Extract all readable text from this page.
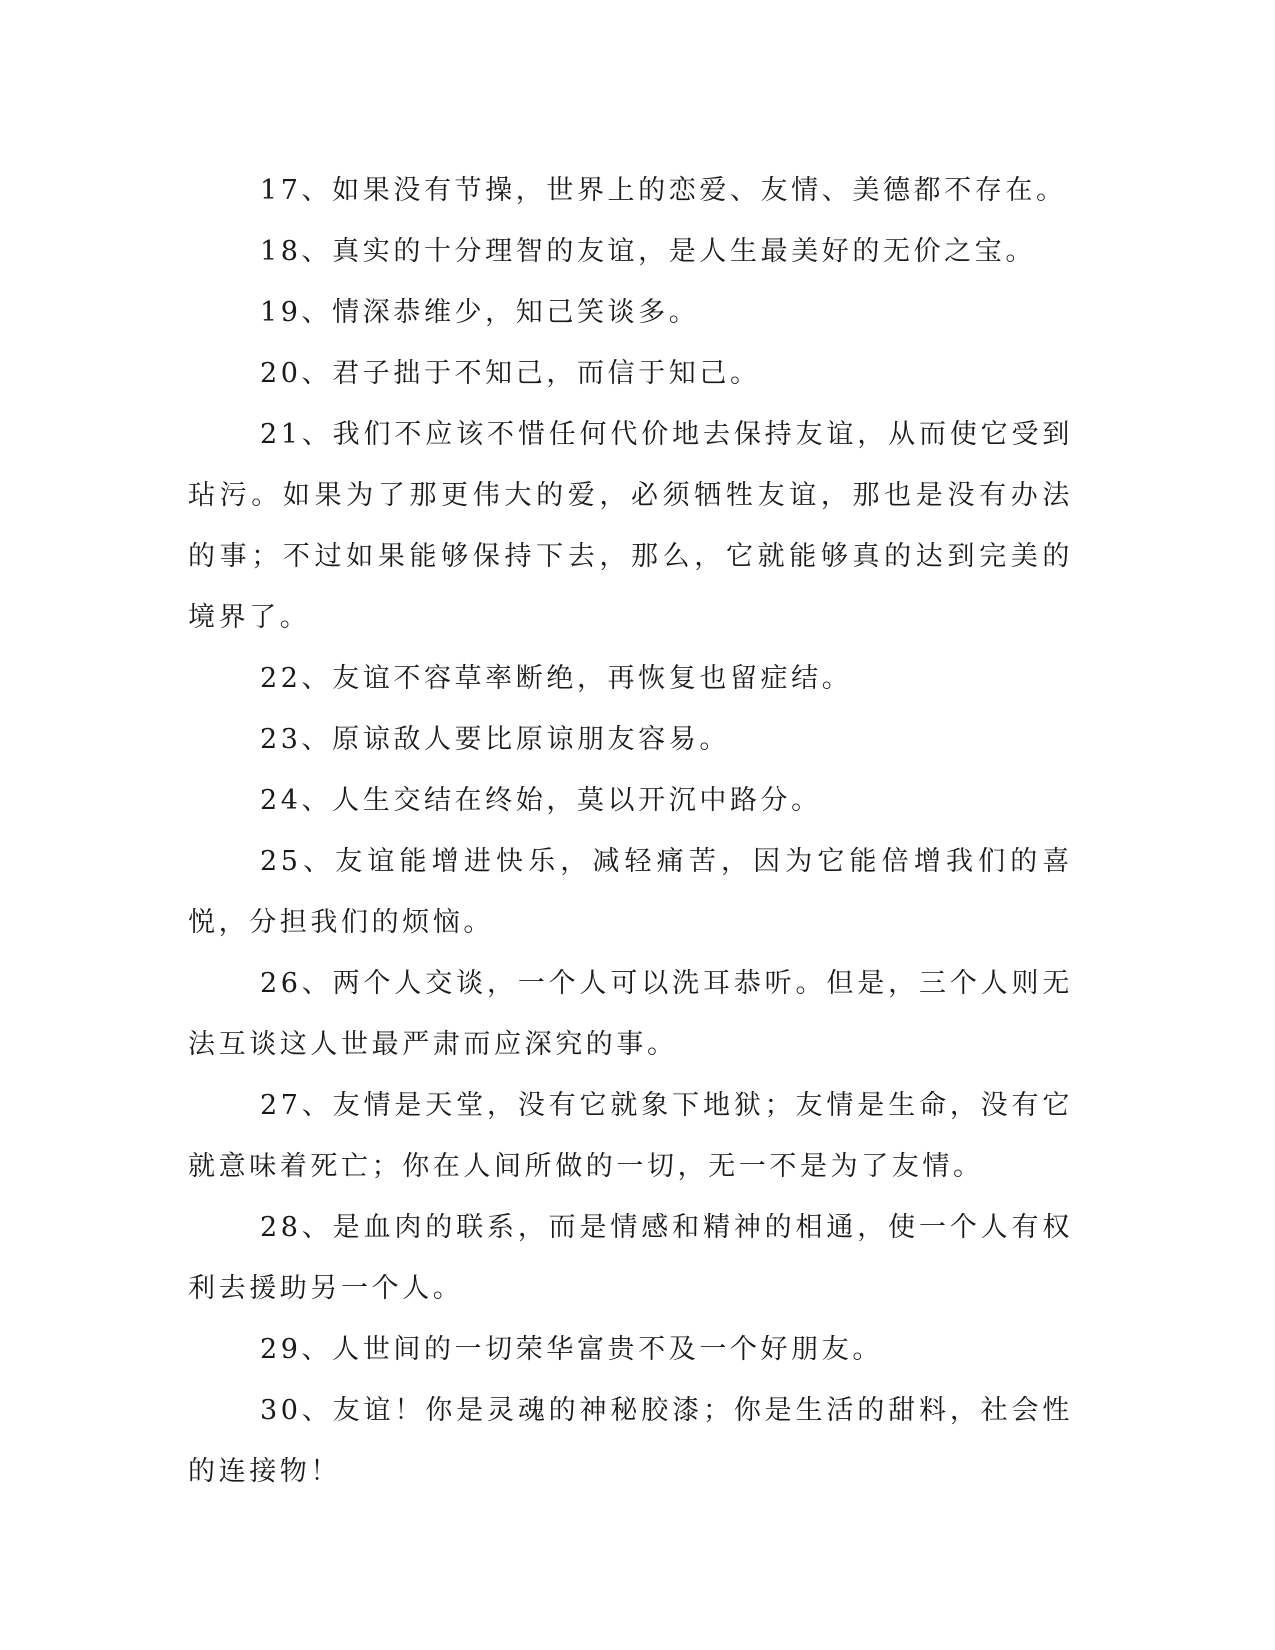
17、如果没有节操，世界上的恋爱、友情、美德都不存在。

18、真实的十分理智的友谊，是人生最美好的无价之宝。

19、情深恭维少，知己笑谈多。

20、君子拙于不知己，而信于知己。

21、我们不应该不惜任何代价地去保持友谊，从而使它受到玷污。如果为了那更伟大的爱，必须牺牲友谊，那也是没有办法的事；不过如果能够保持下去，那么，它就能够真的达到完美的境界了。

22、友谊不容草率断绝，再恢复也留症结。

23、原谅敌人要比原谅朋友容易。

24、人生交结在终始，莫以开沉中路分。

25、友谊能增进快乐，减轻痛苦，因为它能倍增我们的喜悦，分担我们的烦恼。

26、两个人交谈，一个人可以洗耳恭听。但是，三个人则无法互谈这人世最严肃而应深究的事。

27、友情是天堂，没有它就象下地狱；友情是生命，没有它就意味着死亡；你在人间所做的一切，无一不是为了友情。

28、是血肉的联系，而是情感和精神的相通，使一个人有权利去援助另一个人。

29、人世间的一切荣华富贵不及一个好朋友。

30、友谊！你是灵魂的神秘胶漆；你是生活的甜料，社会性的连接物！
